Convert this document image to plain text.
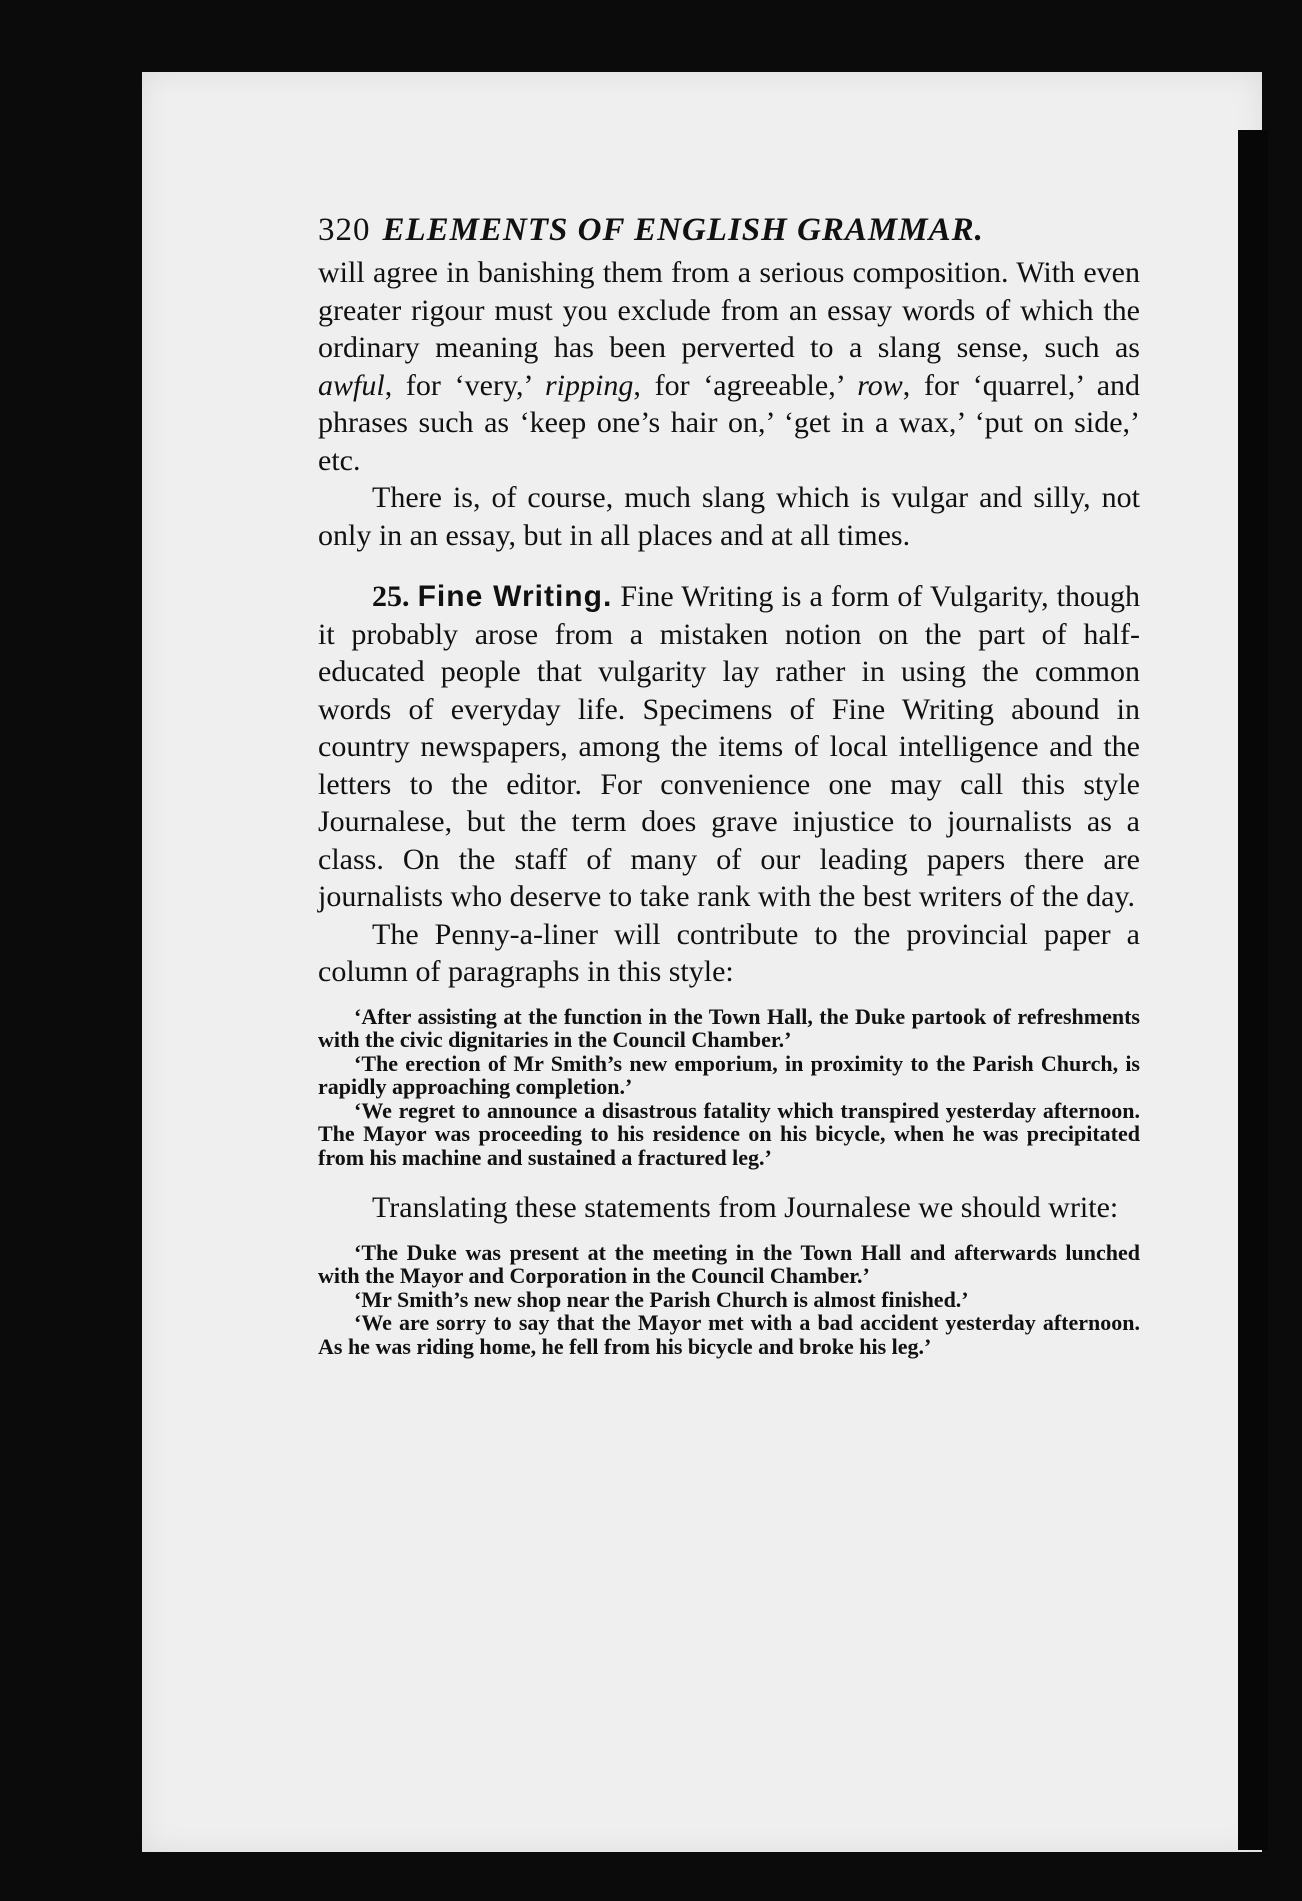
320 ELEMENTS OF ENGLISH GRAMMAR.

will agree in banishing them from a serious composition. With even greater rigour must you exclude from an essay words of which the ordinary meaning has been perverted to a slang sense, such as awful, for ‘very,’ ripping, for ‘agreeable,’ row, for ‘quarrel,’ and phrases such as ‘keep one’s hair on,’ ‘get in a wax,’ ‘put on side,’ etc.

There is, of course, much slang which is vulgar and silly, not only in an essay, but in all places and at all times.

25. Fine Writing. Fine Writing is a form of Vulgarity, though it probably arose from a mistaken notion on the part of half-educated people that vulgarity lay rather in using the common words of everyday life. Specimens of Fine Writing abound in country newspapers, among the items of local intelligence and the letters to the editor. For convenience one may call this style Journalese, but the term does grave injustice to journalists as a class. On the staff of many of our leading papers there are journalists who deserve to take rank with the best writers of the day.

The Penny-a-liner will contribute to the provincial paper a column of paragraphs in this style:

‘After assisting at the function in the Town Hall, the Duke partook of refreshments with the civic dignitaries in the Council Chamber.’

‘The erection of Mr Smith’s new emporium, in proximity to the Parish Church, is rapidly approaching completion.’

‘We regret to announce a disastrous fatality which transpired yesterday afternoon. The Mayor was proceeding to his residence on his bicycle, when he was precipitated from his machine and sustained a fractured leg.’

Translating these statements from Journalese we should write:

‘The Duke was present at the meeting in the Town Hall and afterwards lunched with the Mayor and Corporation in the Council Chamber.’

‘Mr Smith’s new shop near the Parish Church is almost finished.’

‘We are sorry to say that the Mayor met with a bad accident yesterday afternoon. As he was riding home, he fell from his bicycle and broke his leg.’
